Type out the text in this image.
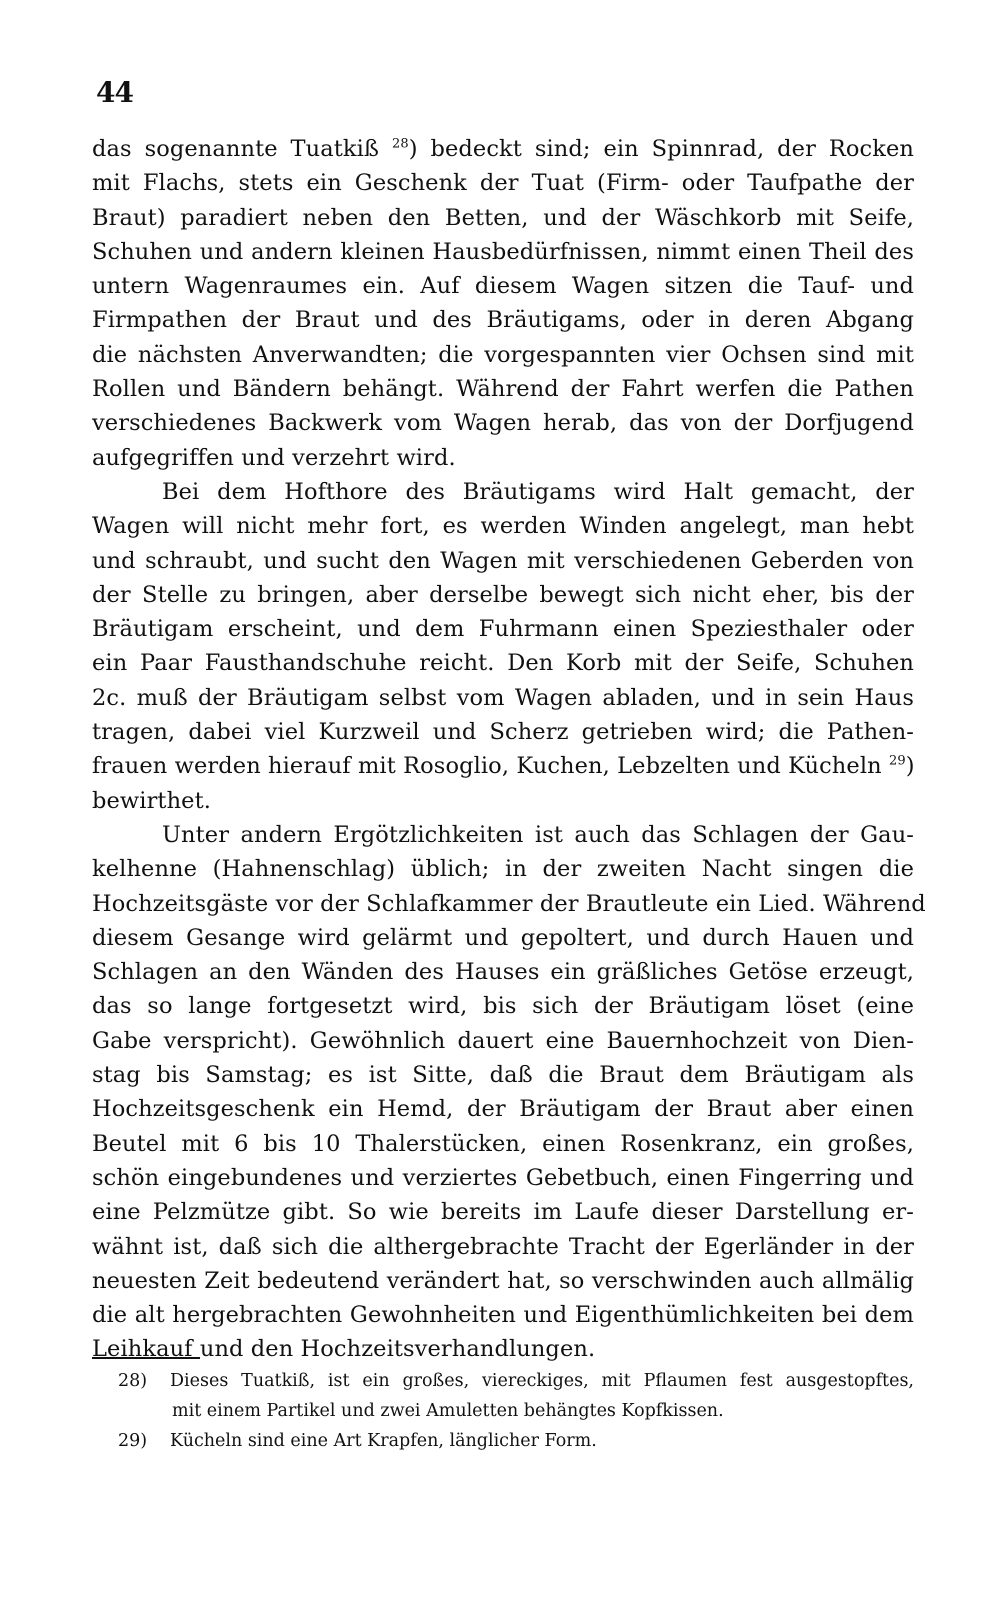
44
das sogenannte Tuatkiß $^{28}$) bedeckt sind; ein Spinnrad, der Rocken
mit Flachs, stets ein Geschenk der Tuat (Firm- oder Taufpathe der
Braut) paradiert neben den Betten, und der Wäschkorb mit Seife,
Schuhen und andern kleinen Hausbedürfnissen, nimmt einen Theil des
untern Wagenraumes ein. Auf diesem Wagen sitzen die Tauf- und
Firmpathen der Braut und des Bräutigams, oder in deren Abgang
die nächsten Anverwandten; die vorgespannten vier Ochsen sind mit
Rollen und Bändern behängt. Während der Fahrt werfen die Pathen
verschiedenes Backwerk vom Wagen herab, das von der Dorfjugend
aufgegriffen und verzehrt wird.
Bei dem Hofthore des Bräutigams wird Halt gemacht, der
Wagen will nicht mehr fort, es werden Winden angelegt, man hebt
und schraubt, und sucht den Wagen mit verschiedenen Geberden von
der Stelle zu bringen, aber derselbe bewegt sich nicht eher, bis der
Bräutigam erscheint, und dem Fuhrmann einen Speziesthaler oder
ein Paar Fausthandschuhe reicht. Den Korb mit der Seife, Schuhen
2c. muß der Bräutigam selbst vom Wagen abladen, und in sein Haus
tragen, dabei viel Kurzweil und Scherz getrieben wird; die Pathen-
frauen werden hierauf mit Rosoglio, Kuchen, Lebzelten und Kücheln $^{29}$)
bewirthet.
Unter andern Ergötzlichkeiten ist auch das Schlagen der Gau-
kelhenne (Hahnenschlag) üblich; in der zweiten Nacht singen die
Hochzeitsgäste vor der Schlafkammer der Brautleute ein Lied. Während
diesem Gesange wird gelärmt und gepoltert, und durch Hauen und
Schlagen an den Wänden des Hauses ein gräßliches Getöse erzeugt,
das so lange fortgesetzt wird, bis sich der Bräutigam löset (eine
Gabe verspricht). Gewöhnlich dauert eine Bauernhochzeit von Dien-
stag bis Samstag; es ist Sitte, daß die Braut dem Bräutigam als
Hochzeitsgeschenk ein Hemd, der Bräutigam der Braut aber einen
Beutel mit 6 bis 10 Thalerstücken, einen Rosenkranz, ein großes,
schön eingebundenes und verziertes Gebetbuch, einen Fingerring und
eine Pelzmütze gibt. So wie bereits im Laufe dieser Darstellung er-
wähnt ist, daß sich die althergebrachte Tracht der Egerländer in der
neuesten Zeit bedeutend verändert hat, so verschwinden auch allmälig
die alt hergebrachten Gewohnheiten und Eigenthümlichkeiten bei dem
Leihkauf und den Hochzeitsverhandlungen.
28) Dieses Tuatkiß, ist ein großes, viereckiges, mit Pflaumen fest ausgestopftes,
mit einem Partikel und zwei Amuletten behängtes Kopfkissen.
29) Kücheln sind eine Art Krapfen, länglicher Form.
